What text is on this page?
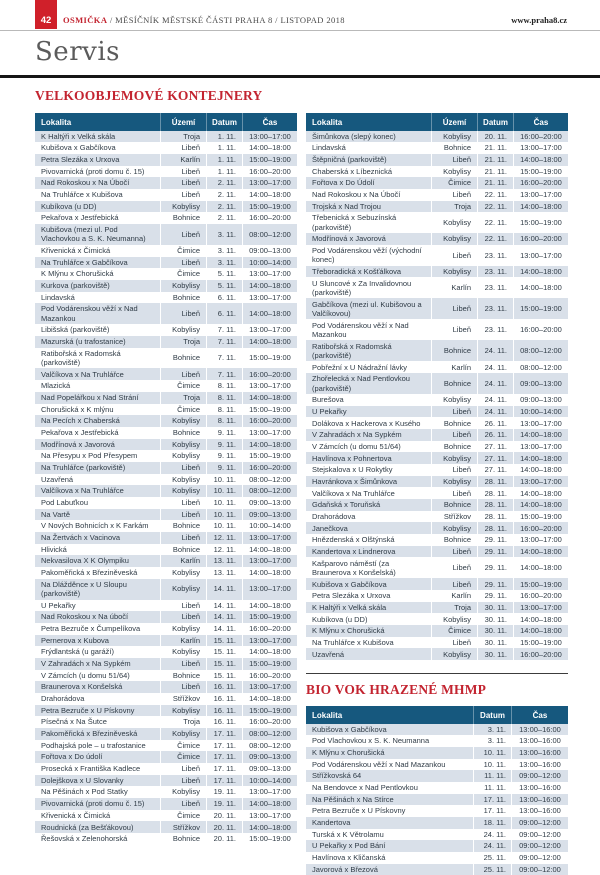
42 OSMIČKA / MĚSÍČNÍK MĚSTSKÉ ČÁSTI PRAHA 8 / LISTOPAD 2018	www.praha8.cz
Servis
VELKOOBJEMOVÉ KONTEJNERY
Lokalita	Území	Datum	Čas
K Haltýři x Velká skála	Troja	1. 11.	13:00–17:00
Kubišova x Gabčíkova	Libeň	1. 11.	14:00–18:00
Petra Slezáka x Urxova	Karlín	1. 11.	15:00–19:00
Pivovarnická (proti domu č. 15)	Libeň	1. 11.	16:00–20:00
Nad Rokoskou x Na Úbočí	Libeň	2. 11.	13:00–17:00
Na Truhlářce x Kubišova	Libeň	2. 11.	14:00–18:00
Kubíkova (u DD)	Kobylisy	2. 11.	15:00–19:00
Pekařova x Jestřebická	Bohnice	2. 11.	16:00–20:00
Kubišova (mezi ul. Pod Vlachovkou a S. K. Neumanna)
Libeň	3. 11.	08:00–12:00
Křivenická x Čimická	Čimice	3. 11.	09:00–13:00
Na Truhlářce x Gabčíkova	Libeň	3. 11.	10:00–14:00
K Mlýnu x Chorušická	Čimice	5. 11.	13:00–17:00
Kurkova (parkoviště)	Kobylisy	5. 11.	14:00–18:00
Lindavská	Bohnice	6. 11.	13:00–17:00
Pod Vodárenskou věží x Nad Mazankou
Libeň	6. 11.	14:00–18:00
Libišská (parkoviště)	Kobylisy	7. 11.	13:00–17:00
Mazurská (u trafostanice)	Troja	7. 11.	14:00–18:00
Ratibořská x Radomská (parkoviště)
Bohnice	7. 11.	15:00–19:00
Valčíkova x Na Truhlářce	Libeň	7. 11.	16:00–20:00
Mlazická	Čimice	8. 11.	13:00–17:00
Nad Popelářkou x Nad Strání	Troja	8. 11.	14:00–18:00
Chorušická x K mlýnu	Čimice	8. 11.	15:00–19:00
Na Pecích x Chaberská	Kobylisy	8. 11.	16:00–20:00
Pekařova x Jestřebická	Bohnice	9. 11.	13:00–17:00
Modřínová x Javorová	Kobylisy	9. 11.	14:00–18:00
Na Přesypu x Pod Přesypem	Kobylisy	9. 11.	15:00–19:00
Na Truhlářce (parkoviště)	Libeň	9. 11.	16:00–20:00
Uzavřená	Kobylisy	10. 11.	08:00–12:00
Valčíkova x Na Truhlářce	Kobylisy	10. 11.	08:00–12:00
Pod Labuťkou	Libeň	10. 11.	09:00–13:00
Na Vartě	Libeň	10. 11.	09:00–13:00
V Nových Bohnicích x K Farkám	Bohnice	10. 11.	10:00–14:00
Na Žertvách x Vacinova	Libeň	12. 11.	13:00–17:00
Hlivická	Bohnice	12. 11.	14:00–18:00
Nekvasilova X K Olympiku	Karlín	13. 11.	13:00–17:00
Pakoměřická x Březiněveská	Kobylisy	13. 11.	14:00–18:00
Na Dlážděnce x U Sloupu (parkoviště)
Kobylisy	14. 11.	13:00–17:00
U Pekařky	Libeň	14. 11.	14:00–18:00
Nad Rokoskou x Na úbočí	Libeň	14. 11.	15:00–19:00
Petra Bezruče x Čumpelíkova	Kobylisy	14. 11.	16:00–20:00
Pernerova x Kubova	Karlín	15. 11.	13:00–17:00
Frýdlantská (u garáží)	Kobylisy	15. 11.	14:00–18:00
V Zahradách x Na Sypkém	Libeň	15. 11.	15:00–19:00
V Zámcích (u domu 51/64)	Bohnice	15. 11.	16:00–20:00
Braunerova x Konšelská	Libeň	16. 11.	13:00–17:00
Drahorádova	Střížkov	16. 11.	14:00–18:00
Petra Bezruče x U Pískovny	Kobylisy	16. 11.	15:00–19:00
Písečná x Na Šutce	Troja	16. 11.	16:00–20:00
Pakoměřická x Březiněveská	Kobylisy	17. 11.	08:00–12:00
Podhajská pole – u trafostanice	Čimice	17. 11.	08:00–12:00
Fořtova x Do údolí	Čimice	17. 11.	09:00–13:00
Prosecká x Františka Kadlece	Libeň	17. 11.	09:00–13:00
Dolejškova x U Slovanky	Libeň	17. 11.	10:00–14:00
Na Pěšinách x Pod Statky	Kobylisy	19. 11.	13:00–17:00
Pivovarnická (proti domu č. 15)	Libeň	19. 11.	14:00–18:00
Křivenická x Čimická	Čimice	20. 11.	13:00–17:00
Roudnická (za Bešťákovou)	Střížkov	20. 11.	14:00–18:00
Řešovská x Zelenohorská	Bohnice	20. 11.	15:00–19:00
Lokalita	Území	Datum	Čas
Šimůnkova (slepý konec)	Kobylisy	20. 11.	16:00–20:00
Lindavská	Bohnice	21. 11.	13:00–17:00
Štěpničná (parkoviště)	Libeň	21. 11.	14:00–18:00
Chaberská x Líbeznická	Kobylisy	21. 11.	15:00–19:00
Fořtova x Do Údolí	Čimice	21. 11.	16:00–20:00
Nad Rokoskou x Na Úbočí	Libeň	22. 11.	13:00–17:00
Trojská x Nad Trojou	Troja	22. 11.	14:00–18:00
Třebenická x Sebuzínská (parkoviště)
Kobylisy	22. 11.	15:00–19:00
Modřínová x Javorová	Kobylisy	22. 11.	16:00–20:00
Pod Vodárenskou věží (východní konec)
Libeň	23. 11.	13:00–17:00
Třeboradická x Košťálkova	Kobylisy	23. 11.	14:00–18:00
U Sluncové x Za Invalidovnou (parkoviště)
Karlín	23. 11.	14:00–18:00
Gabčíkova (mezi ul. Kubišovou a Valčíkovou)
Libeň	23. 11.	15:00–19:00
Pod Vodárenskou věží x Nad Mazankou
Libeň	23. 11.	16:00–20:00
Ratibořská x Radomská (parkoviště)
Bohnice	24. 11.	08:00–12:00
Pobřežní x U Nádražní lávky	Karlín	24. 11.	08:00–12:00
Zhořelecká x Nad Pentlovkou (parkoviště)
Bohnice	24. 11.	09:00–13:00
Burešova	Kobylisy	24. 11.	09:00–13:00
U Pekařky	Libeň	24. 11.	10:00–14:00
Dolákova x Hackerova x Kusého	Bohnice	26. 11.	13:00–17:00
V Zahradách x Na Sypkém	Libeň	26. 11.	14:00–18:00
V Zámcích (u domu 51/64)	Bohnice	27. 11.	13:00–17:00
Havlínova x Pohnertova	Kobylisy	27. 11.	14:00–18:00
Stejskalova x U Rokytky	Libeň	27. 11.	14:00–18:00
Havránkova x Šimůnkova	Kobylisy	28. 11.	13:00–17:00
Valčíkova x Na Truhlářce	Libeň	28. 11.	14:00–18:00
Gdaňská x Toruňská	Bohnice	28. 11.	14:00–18:00
Drahorádova	Střížkov	28. 11.	15:00–19:00
Janečkova	Kobylisy	28. 11.	16:00–20:00
Hnězdenská x Olštýnská	Bohnice	29. 11.	13:00–17:00
Kandertova x Lindnerova	Libeň	29. 11.	14:00–18:00
Kašparovo náměstí (za Braunerova x Konšelská)
Libeň	29. 11.	14:00–18:00
Kubišova x Gabčíkova	Libeň	29. 11.	15:00–19:00
Petra Slezáka x Urxova	Karlín	29. 11.	16:00–20:00
K Haltýři x Velká skála	Troja	30. 11.	13:00–17:00
Kubíkova (u DD)	Kobylisy	30. 11.	14:00–18:00
K Mlýnu x Chorušická	Čimice	30. 11.	14:00–18:00
Na Truhlářce x Kubišova	Libeň	30. 11.	15:00–19:00
Uzavřená	Kobylisy	30. 11.	16:00–20:00
BIO VOK HRAZENÉ MHMP
Lokalita	Datum	Čas
Kubišova x Gabčíkova	3. 11.	13:00–16:00
Pod Vlachovkou x S. K. Neumanna	3. 11.	13:00–16:00
K Mlýnu x Chorušická	10. 11.	13:00–16:00
Pod Vodárenskou věží x Nad Mazankou	10. 11.	13:00–16:00
Střížkovská 64	11. 11.	09:00–12:00
Na Bendovce x Nad Pentlovkou	11. 11.	13:00–16:00
Na Pěšinách x Na Stírce	17. 11.	13:00–16:00
Petra Bezruče x U Pískovny	17. 11.	13:00–16:00
Kandertova	18. 11.	09:00–12:00
Turská x K Větrolamu	24. 11.	09:00–12:00
U Pekařky x Pod Bání	24. 11.	09:00–12:00
Havlínova x Kličanská	25. 11.	09:00–12:00
Javorová x Březová	25. 11.	09:00–12:00
